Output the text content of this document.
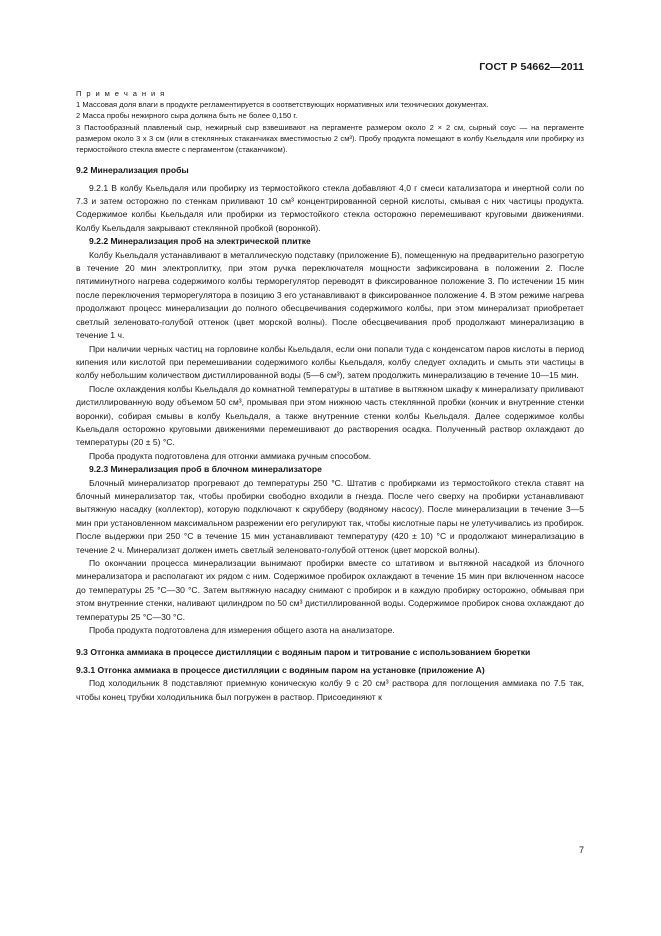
ГОСТ Р 54662—2011
П р и м е ч а н и я
1 Массовая доля влаги в продукте регламентируется в соответствующих нормативных или технических документах.
2 Масса пробы нежирного сыра должна быть не более 0,150 г.
3 Пастообразный плавленый сыр, нежирный сыр взвешивают на пергаменте размером около 2 × 2 см, сырный соус — на пергаменте размером около 3 x 3 см (или в стеклянных стаканчиках вместимостью 2 см³). Пробу продукта помещают в колбу Кьельдаля или пробирку из термостойкого стекла вместе с пергаментом (стаканчиком).
9.2 Минерализация пробы

9.2.1 В колбу Кьельдаля или пробирку из термостойкого стекла добавляют 4,0 г смеси катализатора и инертной соли по 7.3 и затем осторожно по стенкам приливают 10 см³ концентрированной серной кислоты, смывая с них частицы продукта. Содержимое колбы Кьельдаля или пробирки из термостойкого стекла осторожно перемешивают круговыми движениями. Колбу Кьельдаля закрывают стеклянной пробкой (воронкой).

9.2.2 Минерализация проб на электрической плитке

Колбу Кьельдаля устанавливают в металлическую подставку (приложение Б), помещенную на предварительно разогретую в течение 20 мин электроплитку, при этом ручка переключателя мощности зафиксирована в положении 2. После пятиминутного нагрева содержимого колбы терморегулятор переводят в фиксированное положение 3. По истечении 15 мин после переключения терморегулятора в позицию 3 его устанавливают в фиксированное положение 4. В этом режиме нагрева продолжают процесс минерализации до полного обесцвечивания содержимого колбы, при этом минерализат приобретает светлый зеленовато-голубой оттенок (цвет морской волны). После обесцвечивания проб продолжают минерализацию в течение 1 ч.

При наличии черных частиц на горловине колбы Кьельдаля, если они попали туда с конденсатом паров кислоты в период кипения или кислотой при перемешивании содержимого колбы Кьельдаля, колбу следует охладить и смыть эти частицы в колбу небольшим количеством дистиллированной воды (5—6 см³), затем продолжить минерализацию в течение 10—15 мин.

После охлаждения колбы Кьельдаля до комнатной температуры в штативе в вытяжном шкафу к минерализату приливают дистиллированную воду объемом 50 см³, промывая при этом нижнюю часть стеклянной пробки (кончик и внутренние стенки воронки), собирая смывы в колбу Кьельдаля, а также внутренние стенки колбы Кьельдаля. Далее содержимое колбы Кьельдаля осторожно круговыми движениями перемешивают до растворения осадка. Полученный раствор охлаждают до температуры (20 ± 5) °С.

Проба продукта подготовлена для отгонки аммиака ручным способом.

9.2.3 Минерализация проб в блочном минерализаторе

Блочный минерализатор прогревают до температуры 250 °С. Штатив с пробирками из термостойкого стекла ставят на блочный минерализатор так, чтобы пробирки свободно входили в гнезда. После чего сверху на пробирки устанавливают вытяжную насадку (коллектор), которую подключают к скрубберу (водяному насосу). После минерализации в течение 3—5 мин при установленном максимальном разрежении его регулируют так, чтобы кислотные пары не улетучивались из пробирок. После выдержки при 250 °С в течение 15 мин устанавливают температуру (420 ± 10) °С и продолжают минерализацию в течение 2 ч. Минерализат должен иметь светлый зеленовато-голубой оттенок (цвет морской волны).

По окончании процесса минерализации вынимают пробирки вместе со штативом и вытяжной насадкой из блочного минерализатора и располагают их рядом с ним. Содержимое пробирок охлаждают в течение 15 мин при включенном насосе до температуры 25 °С—30 °С. Затем вытяжную насадку снимают с пробирок и в каждую пробирку осторожно, обмывая при этом внутренние стенки, наливают цилиндром по 50 см³ дистиллированной воды. Содержимое пробирок снова охлаждают до температуры 25 °С—30 °С.

Проба продукта подготовлена для измерения общего азота на анализаторе.

9.3 Отгонка аммиака в процессе дистилляции с водяным паром и титрование с использованием бюретки
9.3.1 Отгонка аммиака в процессе дистилляции с водяным паром на установке (приложение А)

Под холодильник 8 подставляют приемную коническую колбу 9 с 20 см³ раствора для поглощения аммиака по 7.5 так, чтобы конец трубки холодильника был погружен в раствор. Присоединяют к

7
